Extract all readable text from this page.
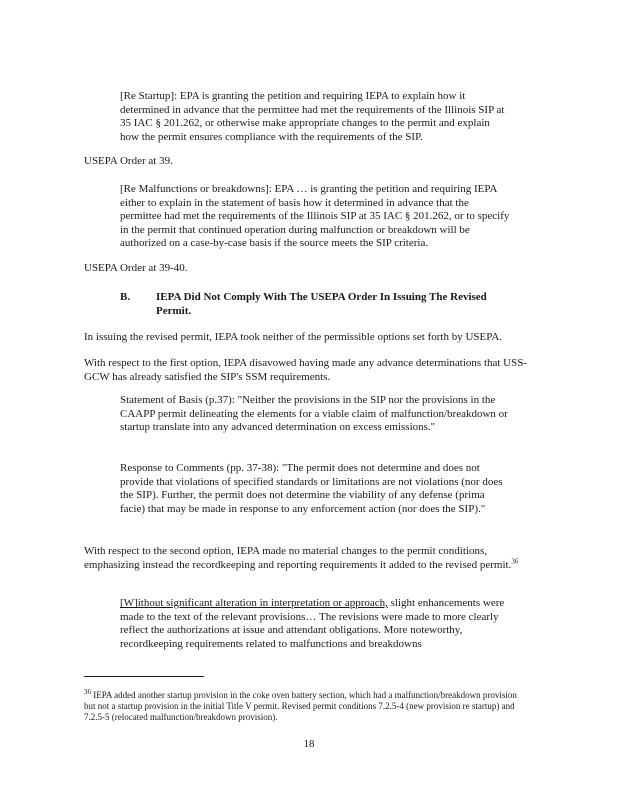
[Re Startup]: EPA is granting the petition and requiring IEPA to explain how it determined in advance that the permittee had met the requirements of the Illinois SIP at 35 IAC § 201.262, or otherwise make appropriate changes to the permit and explain how the permit ensures compliance with the requirements of the SIP.

USEPA Order at 39.

[Re Malfunctions or breakdowns]: EPA … is granting the petition and requiring IEPA either to explain in the statement of basis how it determined in advance that the permittee had met the requirements of the Illinois SIP at 35 IAC § 201.262, or to specify in the permit that continued operation during malfunction or breakdown will be authorized on a case-by-case basis if the source meets the SIP criteria.

USEPA Order at 39-40.

B. IEPA Did Not Comply With The USEPA Order In Issuing The Revised Permit.

In issuing the revised permit, IEPA took neither of the permissible options set forth by USEPA.

With respect to the first option, IEPA disavowed having made any advance determinations that USS-GCW has already satisfied the SIP's SSM requirements.

Statement of Basis (p.37): "Neither the provisions in the SIP nor the provisions in the CAAPP permit delineating the elements for a viable claim of malfunction/breakdown or startup translate into any advanced determination on excess emissions."

Response to Comments (pp. 37-38): "The permit does not determine and does not provide that violations of specified standards or limitations are not violations (nor does the SIP). Further, the permit does not determine the viability of any defense (prima facie) that may be made in response to any enforcement action (nor does the SIP)."

With respect to the second option, IEPA made no material changes to the permit conditions, emphasizing instead the recordkeeping and reporting requirements it added to the revised permit.$^{36}$

[W]ithout significant alteration in interpretation or approach, slight enhancements were made to the text of the relevant provisions… The revisions were made to more clearly reflect the authorizations at issue and attendant obligations. More noteworthy, recordkeeping requirements related to malfunctions and breakdowns

$^{36}$ IEPA added another startup provision in the coke oven battery section, which had a malfunction/breakdown provision but not a startup provision in the initial Title V permit. Revised permit conditions 7.2.5-4 (new provision re startup) and 7.2.5-5 (relocated malfunction/breakdown provision).

18
